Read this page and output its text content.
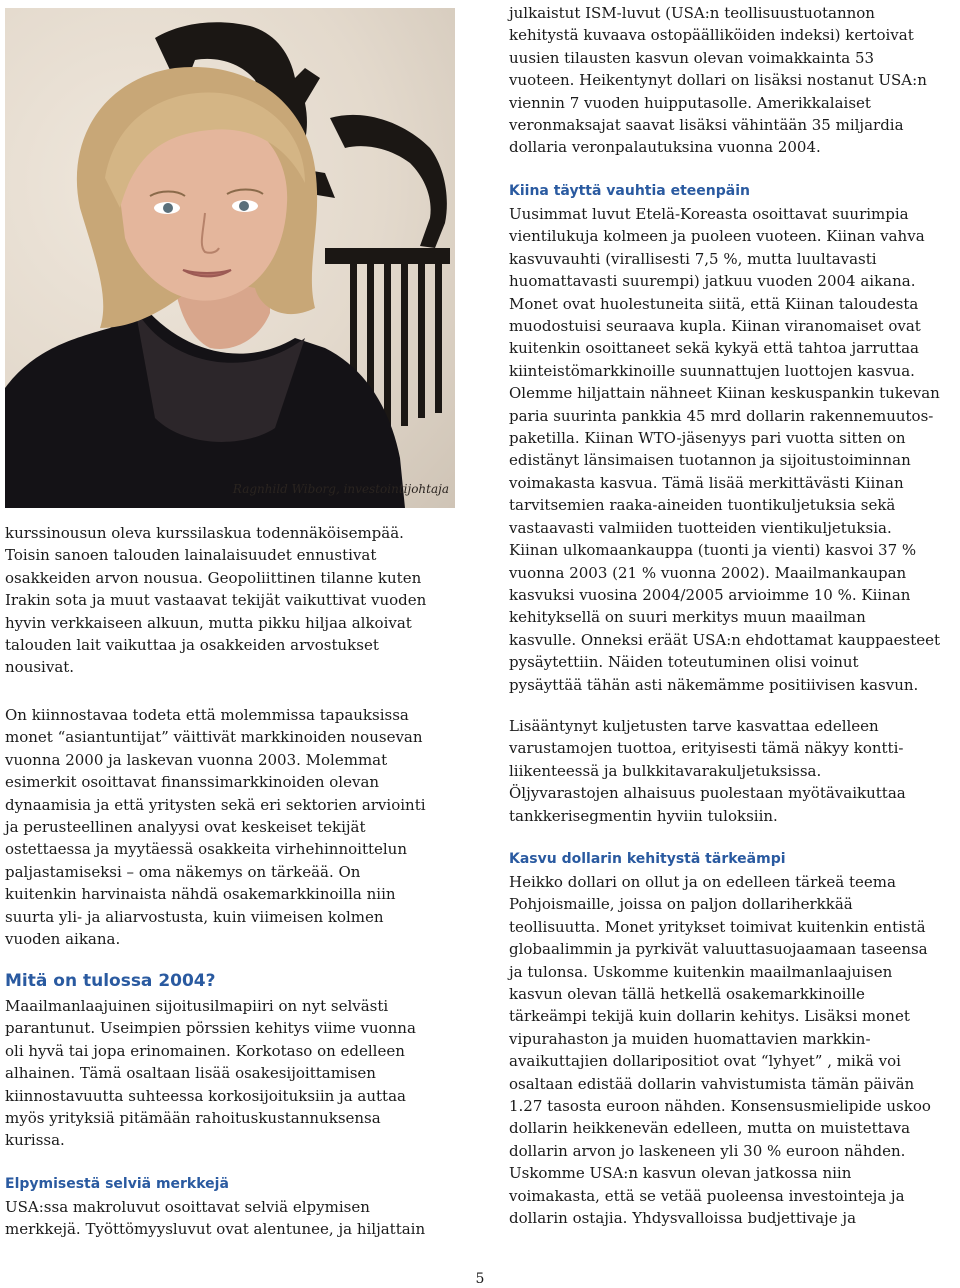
Ragnhild Wiborg, investointijohtaja
kurssinousun oleva kurssilaskua todennäköisempää.
Toisin sanoen talouden lainalaisuudet ennustivat
osakkeiden arvon nousua. Geopoliittinen tilanne kuten
Irakin sota ja muut vastaavat tekijät vaikuttivat vuoden
hyvin verkkaiseen alkuun, mutta pikku hiljaa alkoivat
talouden lait vaikuttaa ja osakkeiden arvostukset
nousivat.
On kiinnostavaa todeta että molemmissa tapauksissa
monet “asiantuntijat” väittivät markkinoiden nousevan
vuonna 2000 ja laskevan vuonna 2003. Molemmat
esimerkit osoittavat finanssimarkkinoiden olevan
dynaamisia ja että yritysten sekä eri sektorien arviointi
ja perusteellinen analyysi ovat keskeiset tekijät
ostettaessa ja myytäessä osakkeita virhehinnoittelun
paljastamiseksi – oma näkemys on tärkeää. On
kuitenkin harvinaista nähdä osakemarkkinoilla niin
suurta yli- ja aliarvostusta, kuin viimeisen kolmen
vuoden aikana.
Mitä on tulossa 2004?
Maailmanlaajuinen sijoitusilmapiiri on nyt selvästi
parantunut. Useimpien pörssien kehitys viime vuonna
oli hyvä tai jopa erinomainen. Korkotaso on edelleen
alhainen. Tämä osaltaan lisää osakesijoittamisen
kiinnostavuutta suhteessa korkosijoituksiin ja auttaa
myös yrityksiä pitämään rahoituskustannuksensa
kurissa.
Elpymisestä selviä merkkejä
USA:ssa makroluvut osoittavat selviä elpymisen
merkkejä. Työttömyysluvut ovat alentunee, ja hiljattain
julkaistut ISM-luvut (USA:n teollisuustuotannon
kehitystä kuvaava ostopäälliköiden indeksi) kertoivat
uusien tilausten kasvun olevan voimakkainta 53
vuoteen. Heikentynyt dollari on lisäksi nostanut USA:n
viennin 7 vuoden huipputasolle. Amerikkalaiset
veronmaksajat saavat lisäksi vähintään 35 miljardia
dollaria veronpalautuksina vuonna 2004.
Kiina täyttä vauhtia eteenpäin
Uusimmat luvut Etelä-Koreasta osoittavat suurimpia
vientilukuja kolmeen ja puoleen vuoteen. Kiinan vahva
kasvuvauhti (virallisesti 7,5 %, mutta luultavasti
huomattavasti suurempi) jatkuu vuoden 2004 aikana.
Monet ovat huolestuneita siitä, että Kiinan taloudesta
muodostuisi seuraava kupla. Kiinan viranomaiset ovat
kuitenkin osoittaneet sekä kykyä että tahtoa jarruttaa
kiinteistömarkkinoille suunnattujen luottojen kasvua.
Olemme hiljattain nähneet Kiinan keskuspankin tukevan
paria suurinta pankkia 45 mrd dollarin rakennemuutos-
paketilla. Kiinan WTO-jäsenyys pari vuotta sitten on
edistänyt länsimaisen tuotannon ja sijoitustoiminnan
voimakasta kasvua. Tämä lisää merkittävästi Kiinan
tarvitsemien raaka-aineiden tuontikuljetuksia sekä
vastaavasti valmiiden tuotteiden vientikuljetuksia.
Kiinan ulkomaankauppa (tuonti ja vienti) kasvoi 37 %
vuonna 2003 (21 % vuonna 2002). Maailmankaupan
kasvuksi vuosina 2004/2005 arvioimme 10 %. Kiinan
kehityksellä on suuri merkitys muun maailman
kasvulle. Onneksi eräät USA:n ehdottamat kauppaesteet
pysäytettiin. Näiden toteutuminen olisi voinut
pysäyttää tähän asti näkemämme positiivisen kasvun.
Lisääntynyt kuljetusten tarve kasvattaa edelleen
varustamojen tuottoa, erityisesti tämä näkyy kontti-
liikenteessä ja bulkkitavarakuljetuksissa.
Öljyvarastojen alhaisuus puolestaan myötävaikuttaa
tankkerisegmentin hyviin tuloksiin.
Kasvu dollarin kehitystä tärkeämpi
Heikko dollari on ollut ja on edelleen tärkeä teema
Pohjoismaille, joissa on paljon dollariherkkää
teollisuutta. Monet yritykset toimivat kuitenkin entistä
globaalimmin ja pyrkivät valuuttasuojaamaan taseensa
ja tulonsa. Uskomme kuitenkin maailmanlaajuisen
kasvun olevan tällä hetkellä osakemarkkinoille
tärkeämpi tekijä kuin dollarin kehitys. Lisäksi monet
vipurahaston ja muiden huomattavien markkin-
avaikuttajien dollaripositiot ovat “lyhyet” , mikä voi
osaltaan edistää dollarin vahvistumista tämän päivän
1.27 tasosta euroon nähden. Konsensusmielipide uskoo
dollarin heikkenevän edelleen, mutta on muistettava
dollarin arvon jo laskeneen yli 30 % euroon nähden.
Uskomme USA:n kasvun olevan jatkossa niin
voimakasta, että se vetää puoleensa investointeja ja
dollarin ostajia. Yhdysvalloissa budjettivaje ja
5
